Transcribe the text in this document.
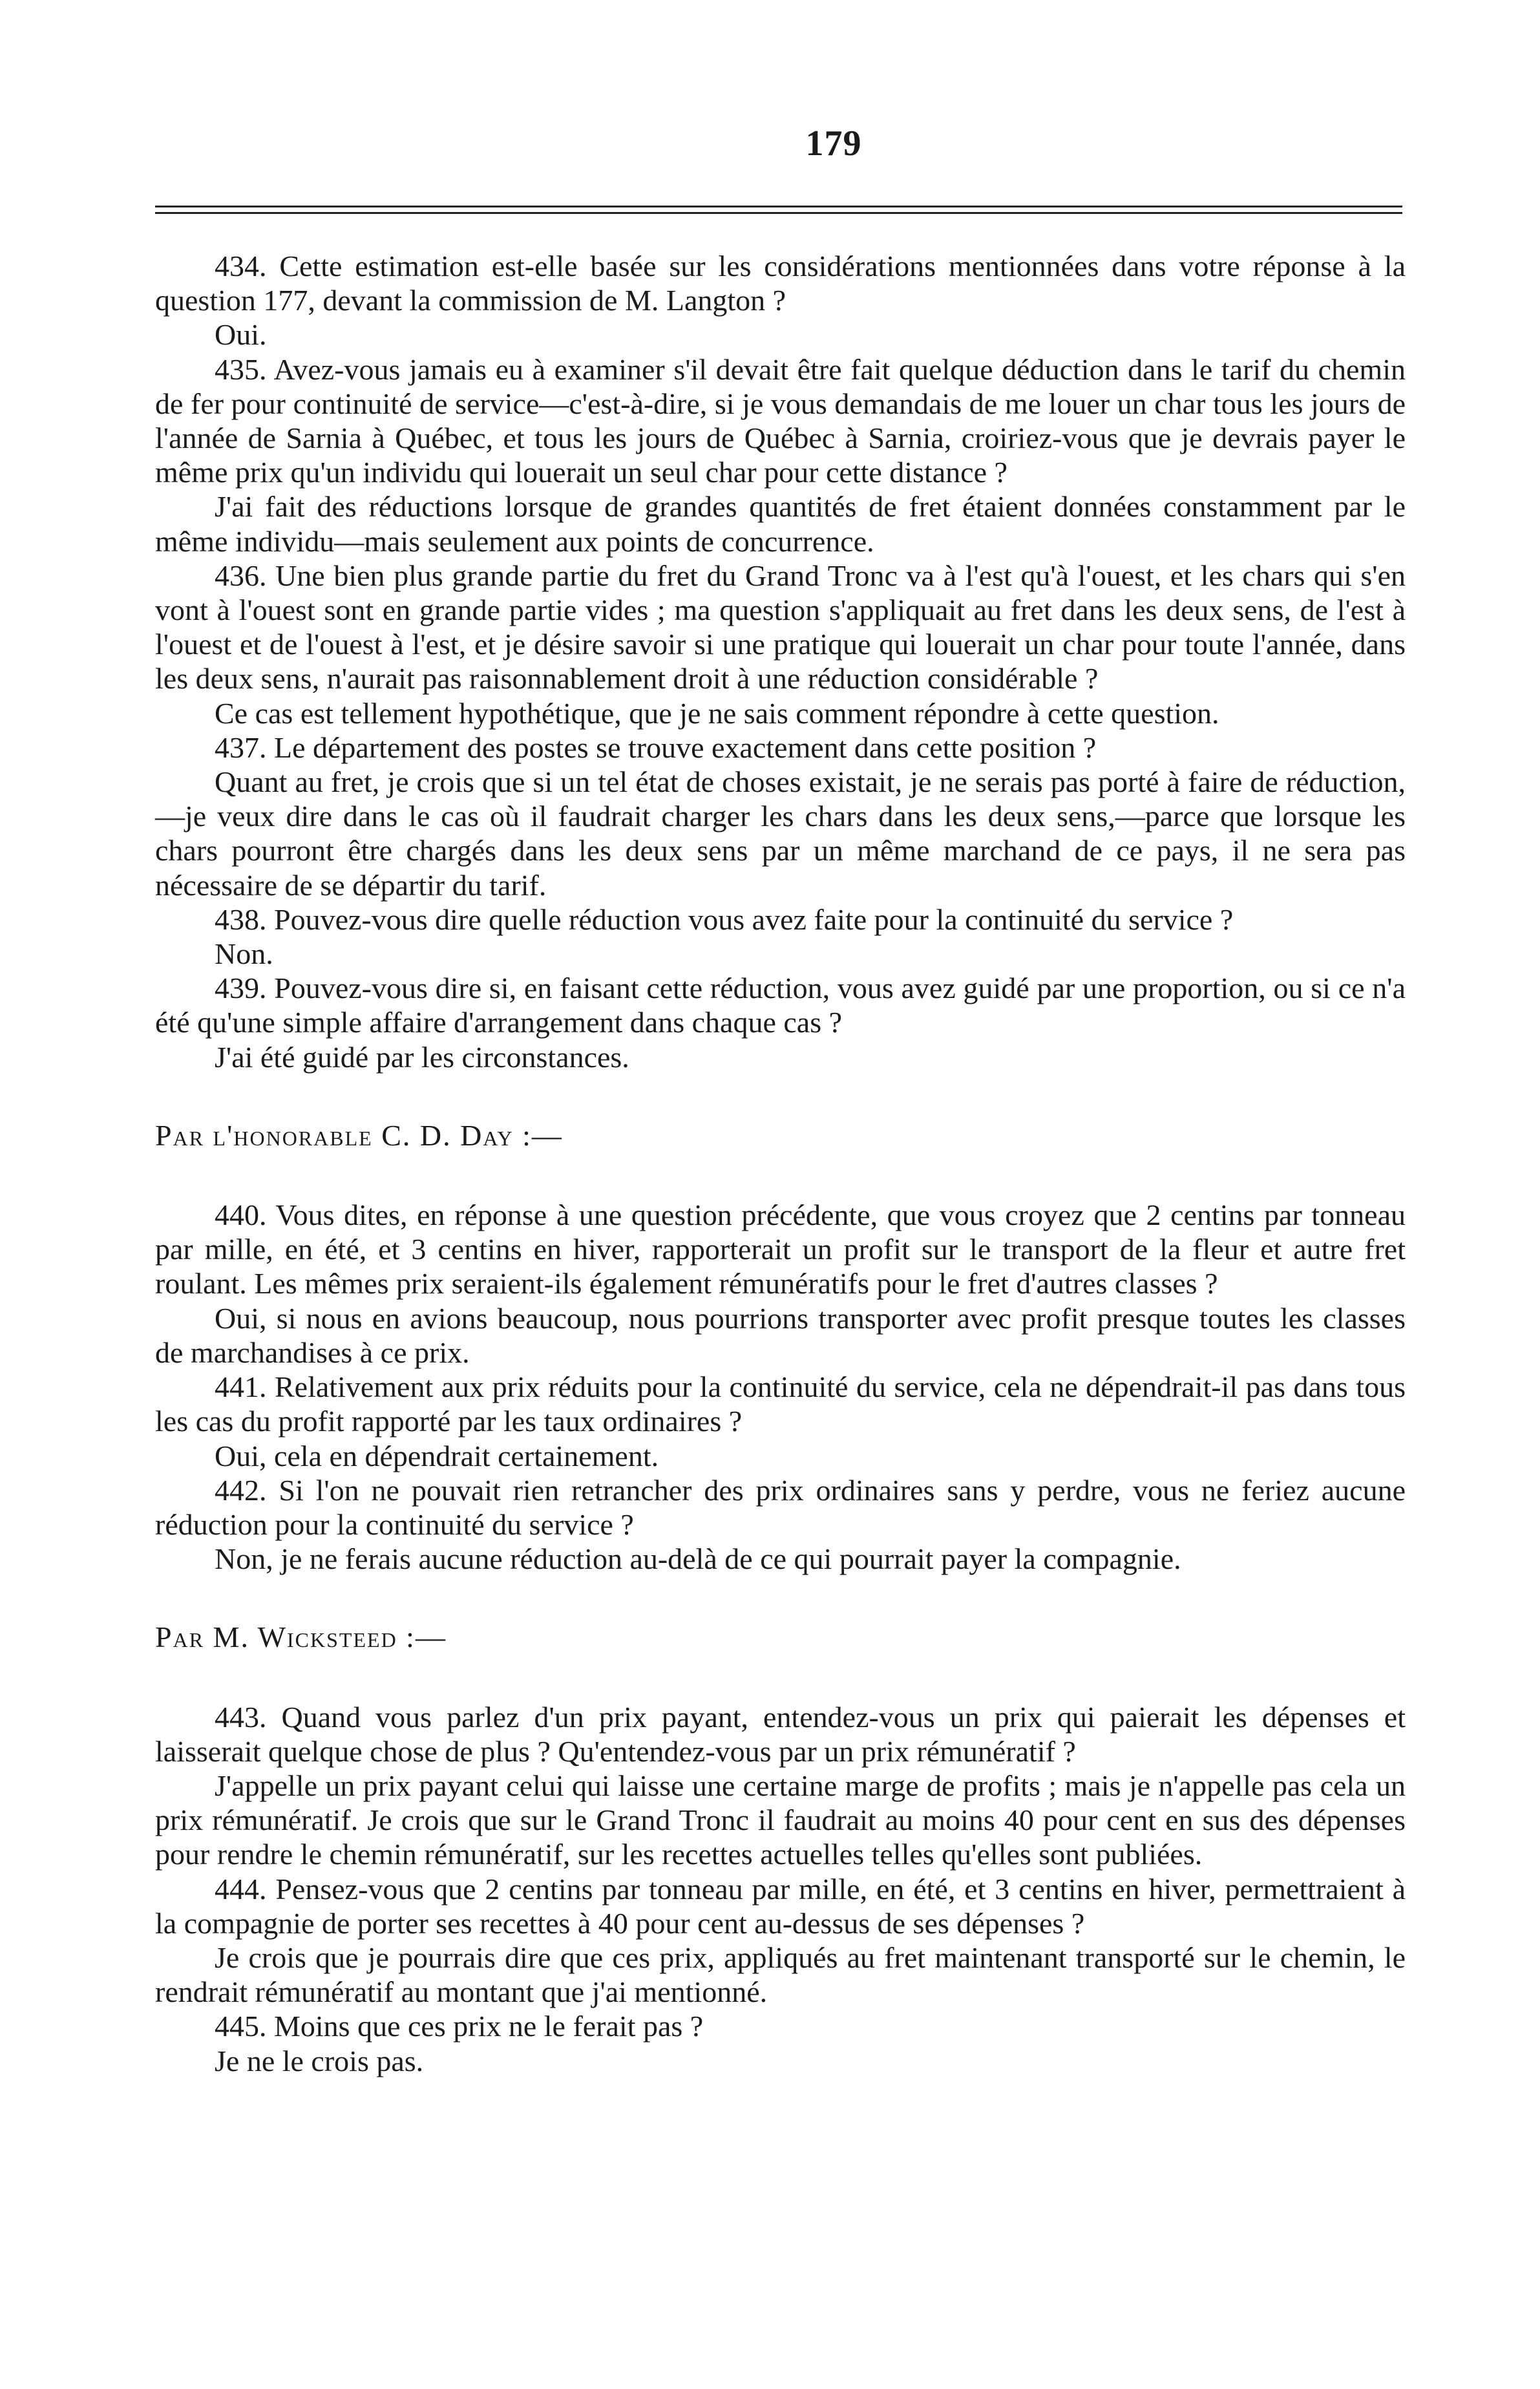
179

434. Cette estimation est-elle basée sur les considérations mentionnées dans votre réponse à la question 177, devant la commission de M. Langton ?

Oui.

435. Avez-vous jamais eu à examiner s'il devait être fait quelque déduction dans le tarif du chemin de fer pour continuité de service—c'est-à-dire, si je vous demandais de me louer un char tous les jours de l'année de Sarnia à Québec, et tous les jours de Québec à Sarnia, croiriez-vous que je devrais payer le même prix qu'un individu qui louerait un seul char pour cette distance ?

J'ai fait des réductions lorsque de grandes quantités de fret étaient données constamment par le même individu—mais seulement aux points de concurrence.

436. Une bien plus grande partie du fret du Grand Tronc va à l'est qu'à l'ouest, et les chars qui s'en vont à l'ouest sont en grande partie vides ; ma question s'appliquait au fret dans les deux sens, de l'est à l'ouest et de l'ouest à l'est, et je désire savoir si une pratique qui louerait un char pour toute l'année, dans les deux sens, n'aurait pas raisonnablement droit à une réduction considérable ?

Ce cas est tellement hypothétique, que je ne sais comment répondre à cette question.

437. Le département des postes se trouve exactement dans cette position ?

Quant au fret, je crois que si un tel état de choses existait, je ne serais pas porté à faire de réduction,—je veux dire dans le cas où il faudrait charger les chars dans les deux sens,—parce que lorsque les chars pourront être chargés dans les deux sens par un même marchand de ce pays, il ne sera pas nécessaire de se départir du tarif.

438. Pouvez-vous dire quelle réduction vous avez faite pour la continuité du service ?

Non.

439. Pouvez-vous dire si, en faisant cette réduction, vous avez guidé par une proportion, ou si ce n'a été qu'une simple affaire d'arrangement dans chaque cas ?

J'ai été guidé par les circonstances.

Par l'honorable C. D. Day :—

440. Vous dites, en réponse à une question précédente, que vous croyez que 2 centins par tonneau par mille, en été, et 3 centins en hiver, rapporterait un profit sur le transport de la fleur et autre fret roulant. Les mêmes prix seraient-ils également rémunératifs pour le fret d'autres classes ?

Oui, si nous en avions beaucoup, nous pourrions transporter avec profit presque toutes les classes de marchandises à ce prix.

441. Relativement aux prix réduits pour la continuité du service, cela ne dépendrait-il pas dans tous les cas du profit rapporté par les taux ordinaires ?

Oui, cela en dépendrait certainement.

442. Si l'on ne pouvait rien retrancher des prix ordinaires sans y perdre, vous ne feriez aucune réduction pour la continuité du service ?

Non, je ne ferais aucune réduction au-delà de ce qui pourrait payer la compagnie.

Par M. Wicksteed :—

443. Quand vous parlez d'un prix payant, entendez-vous un prix qui paierait les dépenses et laisserait quelque chose de plus ? Qu'entendez-vous par un prix rémunératif ?

J'appelle un prix payant celui qui laisse une certaine marge de profits ; mais je n'appelle pas cela un prix rémunératif. Je crois que sur le Grand Tronc il faudrait au moins 40 pour cent en sus des dépenses pour rendre le chemin rémunératif, sur les recettes actuelles telles qu'elles sont publiées.

444. Pensez-vous que 2 centins par tonneau par mille, en été, et 3 centins en hiver, permettraient à la compagnie de porter ses recettes à 40 pour cent au-dessus de ses dépenses ?

Je crois que je pourrais dire que ces prix, appliqués au fret maintenant transporté sur le chemin, le rendrait rémunératif au montant que j'ai mentionné.

445. Moins que ces prix ne le ferait pas ?

Je ne le crois pas.
